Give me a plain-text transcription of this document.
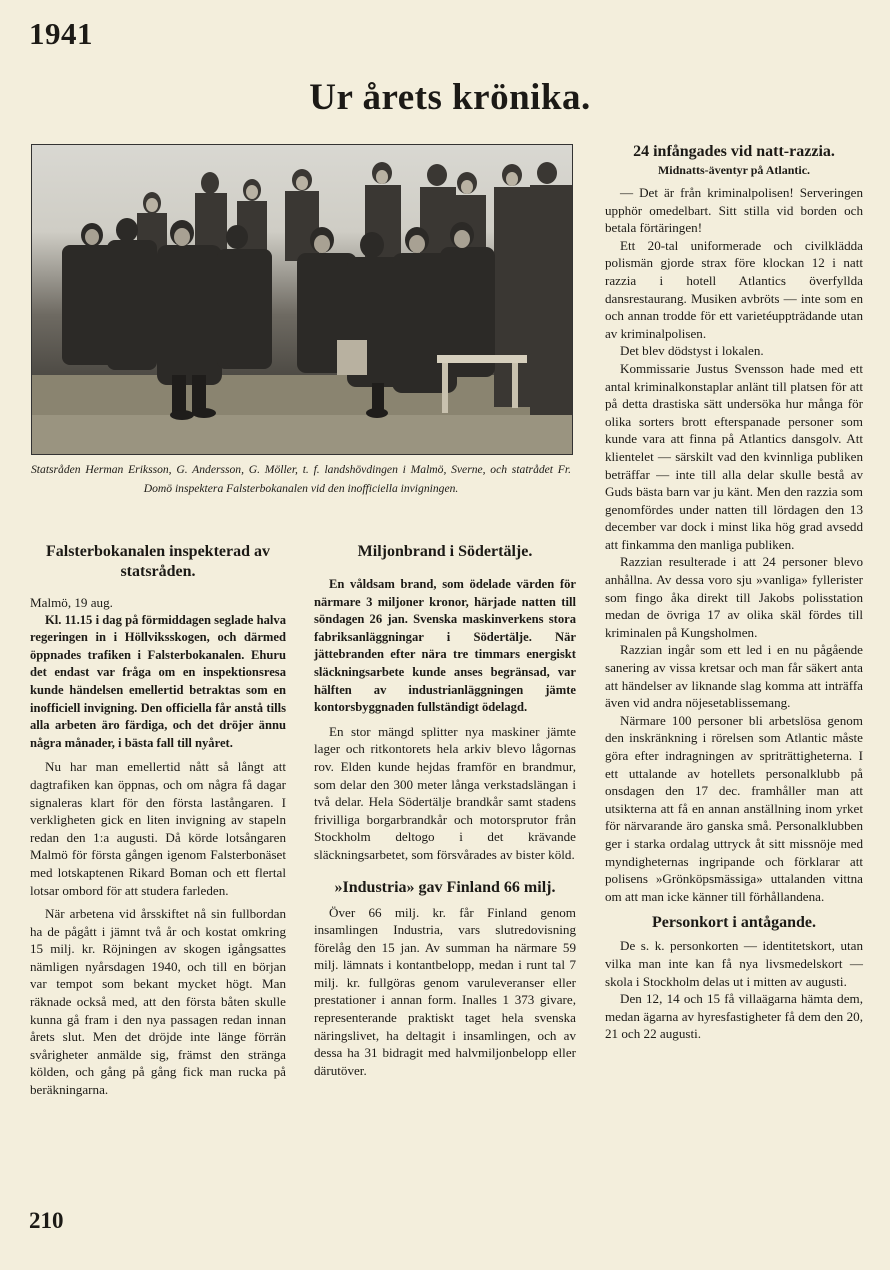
1941
Ur årets krönika.
Statsråden Herman Eriksson, G. Andersson, G. Möller, t. f. landshövdingen i Malmö, Sverne, och statrådet Fr. Domö inspektera Falsterbokanalen vid den inofficiella invigningen.
Falsterbokanalen inspekterad av statsråden.

Malmö, 19 aug.

Kl. 11.15 i dag på förmiddagen seglade halva regeringen in i Höllviksskogen, och därmed öppnades trafiken i Falsterbokanalen. Ehuru det endast var fråga om en inspektionsresa kunde händelsen emellertid betraktas som en inofficiell invigning. Den officiella får anstå tills alla arbeten äro färdiga, och det dröjer ännu några månader, i bästa fall till nyåret.

Nu har man emellertid nått så långt att dagtrafiken kan öppnas, och om några få dagar signaleras klart för den första lastångaren. I verkligheten gick en liten invigning av stapeln redan den 1:a augusti. Då körde lotsångaren Malmö för första gången igenom Falsterbonäset med lotskaptenen Rikard Boman och ett flertal lotsar ombord för att studera farleden.

När arbetena vid årsskiftet nå sin fullbordan ha de pågått i jämnt två år och kostat omkring 15 milj. kr. Röjningen av skogen igångsattes nämligen nyårsdagen 1940, och till en början var tempot som bekant mycket högt. Man räknade också med, att den första båten skulle kunna gå fram i den nya passagen redan innan årets slut. Men det dröjde inte länge förrän svårigheter anmälde sig, främst den stränga kölden, och gång på gång fick man rucka på beräkningarna.

Miljonbrand i Södertälje.

En våldsam brand, som ödelade värden för närmare 3 miljoner kronor, härjade natten till söndagen 26 jan. Svenska maskinverkens stora fabriksanläggningar i Södertälje. När jättebranden efter nära tre timmars energiskt släckningsarbete kunde anses begränsad, var hälften av industrianläggningen jämte kontorsbyggnaden fullständigt ödelagd.

En stor mängd splitter nya maskiner jämte lager och ritkontorets hela arkiv blevo lågornas rov. Elden kunde hejdas framför en brandmur, som delar den 300 meter långa verkstadslängan i två delar. Hela Södertälje brandkår samt stadens frivilliga borgarbrandkår och motorsprutor från Stockholm deltogo i det krävande släckningsarbetet, som försvårades av bister köld.

»Industria» gav Finland 66 milj.

Över 66 milj. kr. får Finland genom insamlingen Industria, vars slutredovisning förelåg den 15 jan. Av summan ha närmare 59 milj. lämnats i kontantbelopp, medan i runt tal 7 milj. kr. fullgöras genom varuleveranser eller prestationer i annan form. Inalles 1 373 givare, representerande praktiskt taget hela svenska näringslivet, ha deltagit i insamlingen, och av dessa ha 31 bidragit med halvmiljonbelopp eller därutöver.

24 infångades vid natt-razzia.
Midnatts-äventyr på Atlantic.

— Det är från kriminalpolisen! Serveringen upphör omedelbart. Sitt stilla vid borden och betala förtäringen!

Ett 20-tal uniformerade och civilklädda polismän gjorde strax före klockan 12 i natt razzia i hotell Atlantics överfyllda dansrestaurang. Musiken avbröts — inte som en och annan trodde för ett varietéuppträdande utan av kriminalpolisen.

Det blev dödstyst i lokalen.

Kommissarie Justus Svensson hade med ett antal kriminalkonstaplar anlänt till platsen för att på detta drastiska sätt undersöka hur många för olika sorters brott efterspanade personer som kunde vara att finna på Atlantics dansgolv. Att klientelet — särskilt vad den kvinnliga publiken beträffar — inte till alla delar skulle bestå av Guds bästa barn var ju känt. Men den razzia som genomfördes under natten till lördagen den 13 december var dock i minst lika hög grad avsedd att finkamma den manliga publiken.

Razzian resulterade i att 24 personer blevo anhållna. Av dessa voro sju »vanliga» fyllerister som fingo åka direkt till Jakobs polisstation medan de övriga 17 av olika skäl fördes till kriminalen på Kungsholmen.

Razzian ingår som ett led i en nu pågående sanering av vissa kretsar och man får säkert anta att händelser av liknande slag komma att inträffa även vid andra nöjesetablissemang.

Närmare 100 personer bli arbetslösa genom den inskränkning i rörelsen som Atlantic måste göra efter indragningen av spriträttigheterna. I ett uttalande av hotellets personalklubb på onsdagen den 17 dec. framhåller man att utsikterna att få en annan anställning inom yrket för närvarande äro ganska små. Personalklubben ger i starka ordalag uttryck åt sitt missnöje med myndigheternas ingripande och förklarar att polisens »Grönköpsmässiga» uttalanden vittna om att man icke känner till förhållandena.

Personkort i antågande.

De s. k. personkorten — identitetskort, utan vilka man inte kan få nya livsmedelskort — skola i Stockholm delas ut i mitten av augusti.

Den 12, 14 och 15 få villaägarna hämta dem, medan ägarna av hyresfastigheter få dem den 20, 21 och 22 augusti.

210
